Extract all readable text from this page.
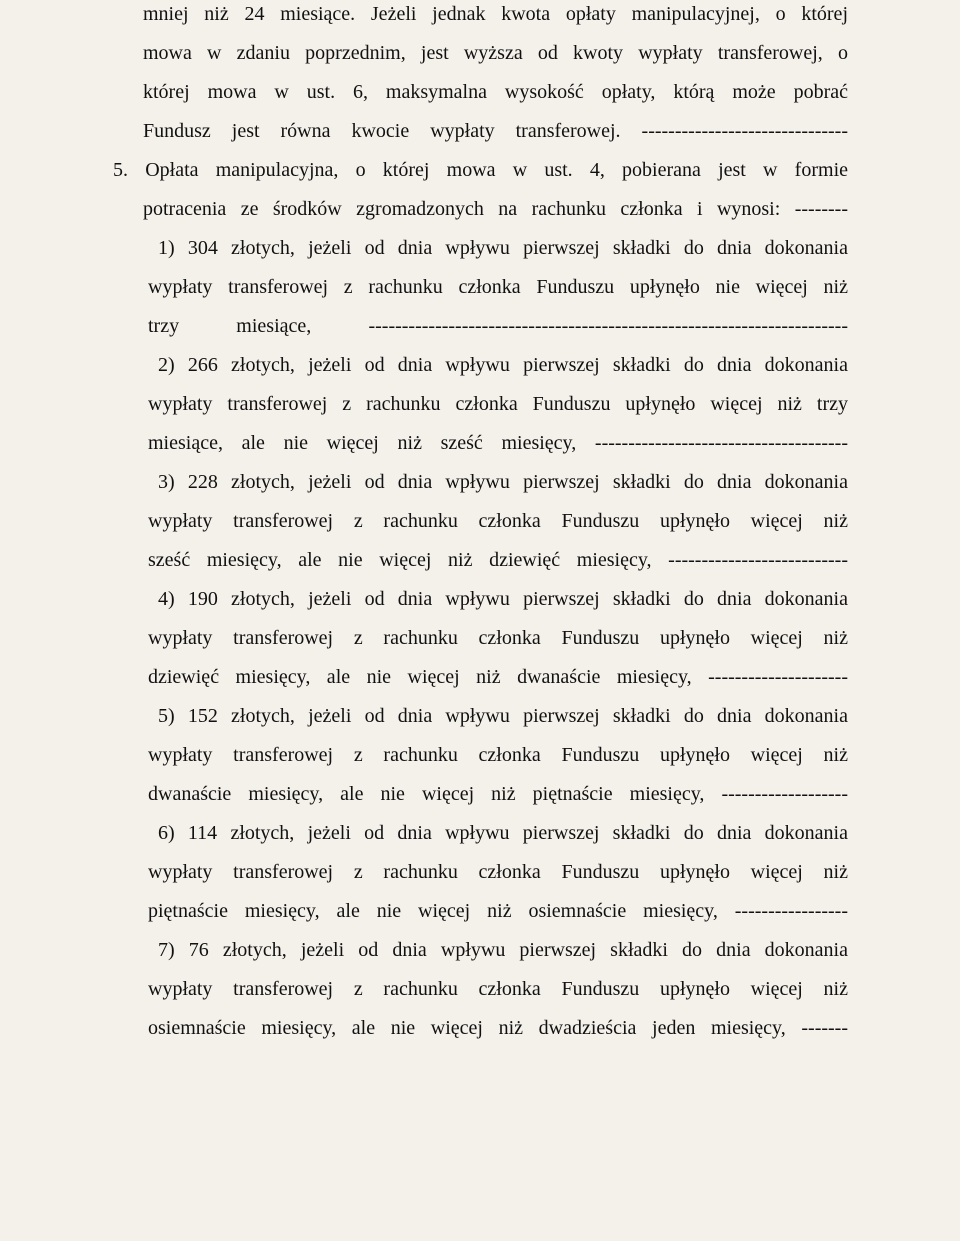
mniej niż 24 miesiące. Jeżeli jednak kwota opłaty manipulacyjnej, o której

mowa w zdaniu poprzednim, jest wyższa od kwoty wypłaty transferowej, o

której mowa w ust. 6, maksymalna wysokość opłaty, którą może pobrać

Fundusz jest równa kwocie wypłaty transferowej. -------------------------------

5. Opłata manipulacyjna, o której mowa w ust. 4, pobierana jest w formie

potracenia ze środków zgromadzonych na rachunku członka i wynosi: --------

1) 304 złotych, jeżeli od dnia wpływu pierwszej składki do dnia dokonania

wypłaty transferowej z rachunku członka Funduszu upłynęło nie więcej niż

trzy miesiące, ------------------------------------------------------------------------

2) 266 złotych, jeżeli od dnia wpływu pierwszej składki do dnia dokonania

wypłaty transferowej z rachunku członka Funduszu upłynęło więcej niż trzy

miesiące, ale nie więcej niż sześć miesięcy, --------------------------------------

3) 228 złotych, jeżeli od dnia wpływu pierwszej składki do dnia dokonania

wypłaty transferowej z rachunku członka Funduszu upłynęło więcej niż

sześć miesięcy, ale nie więcej niż dziewięć miesięcy, ---------------------------

4) 190 złotych, jeżeli od dnia wpływu pierwszej składki do dnia dokonania

wypłaty transferowej z rachunku członka Funduszu upłynęło więcej niż

dziewięć miesięcy, ale nie więcej niż dwanaście miesięcy, ---------------------

5) 152 złotych, jeżeli od dnia wpływu pierwszej składki do dnia dokonania

wypłaty transferowej z rachunku członka Funduszu upłynęło więcej niż

dwanaście miesięcy, ale nie więcej niż piętnaście miesięcy, -------------------

6) 114 złotych, jeżeli od dnia wpływu pierwszej składki do dnia dokonania

wypłaty transferowej z rachunku członka Funduszu upłynęło więcej niż

piętnaście miesięcy, ale nie więcej niż osiemnaście miesięcy, -----------------

7) 76 złotych, jeżeli od dnia wpływu pierwszej składki do dnia dokonania

wypłaty transferowej z rachunku członka Funduszu upłynęło więcej niż

osiemnaście miesięcy, ale nie więcej niż dwadzieścia jeden miesięcy, -------
